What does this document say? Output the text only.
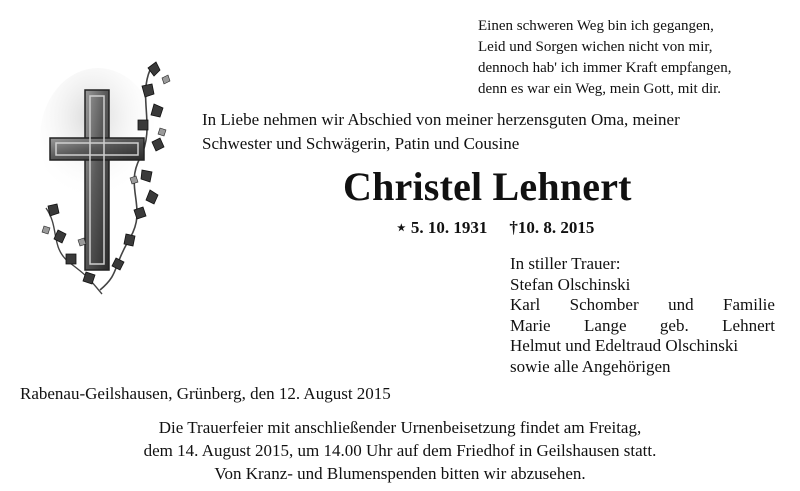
Einen schweren Weg bin ich gegangen,
Leid und Sorgen wichen nicht von mir,
dennoch hab' ich immer Kraft empfangen,
denn es war ein Weg, mein Gott, mit dir.
In Liebe nehmen wir Abschied von meiner herzensguten Oma, meiner
Schwester und Schwägerin, Patin und Cousine
Christel Lehnert
⋆ 5. 10. 1931 †10. 8. 2015
In stiller Trauer:
Stefan Olschinski
Karl Schomber und Familie
Marie Lange geb. Lehnert
Helmut und Edeltraud Olschinski
sowie alle Angehörigen
Rabenau-Geilshausen, Grünberg, den 12. August 2015
Die Trauerfeier mit anschließender Urnenbeisetzung findet am Freitag,
dem 14. August 2015, um 14.00 Uhr auf dem Friedhof in Geilshausen statt.
Von Kranz- und Blumenspenden bitten wir abzusehen.
